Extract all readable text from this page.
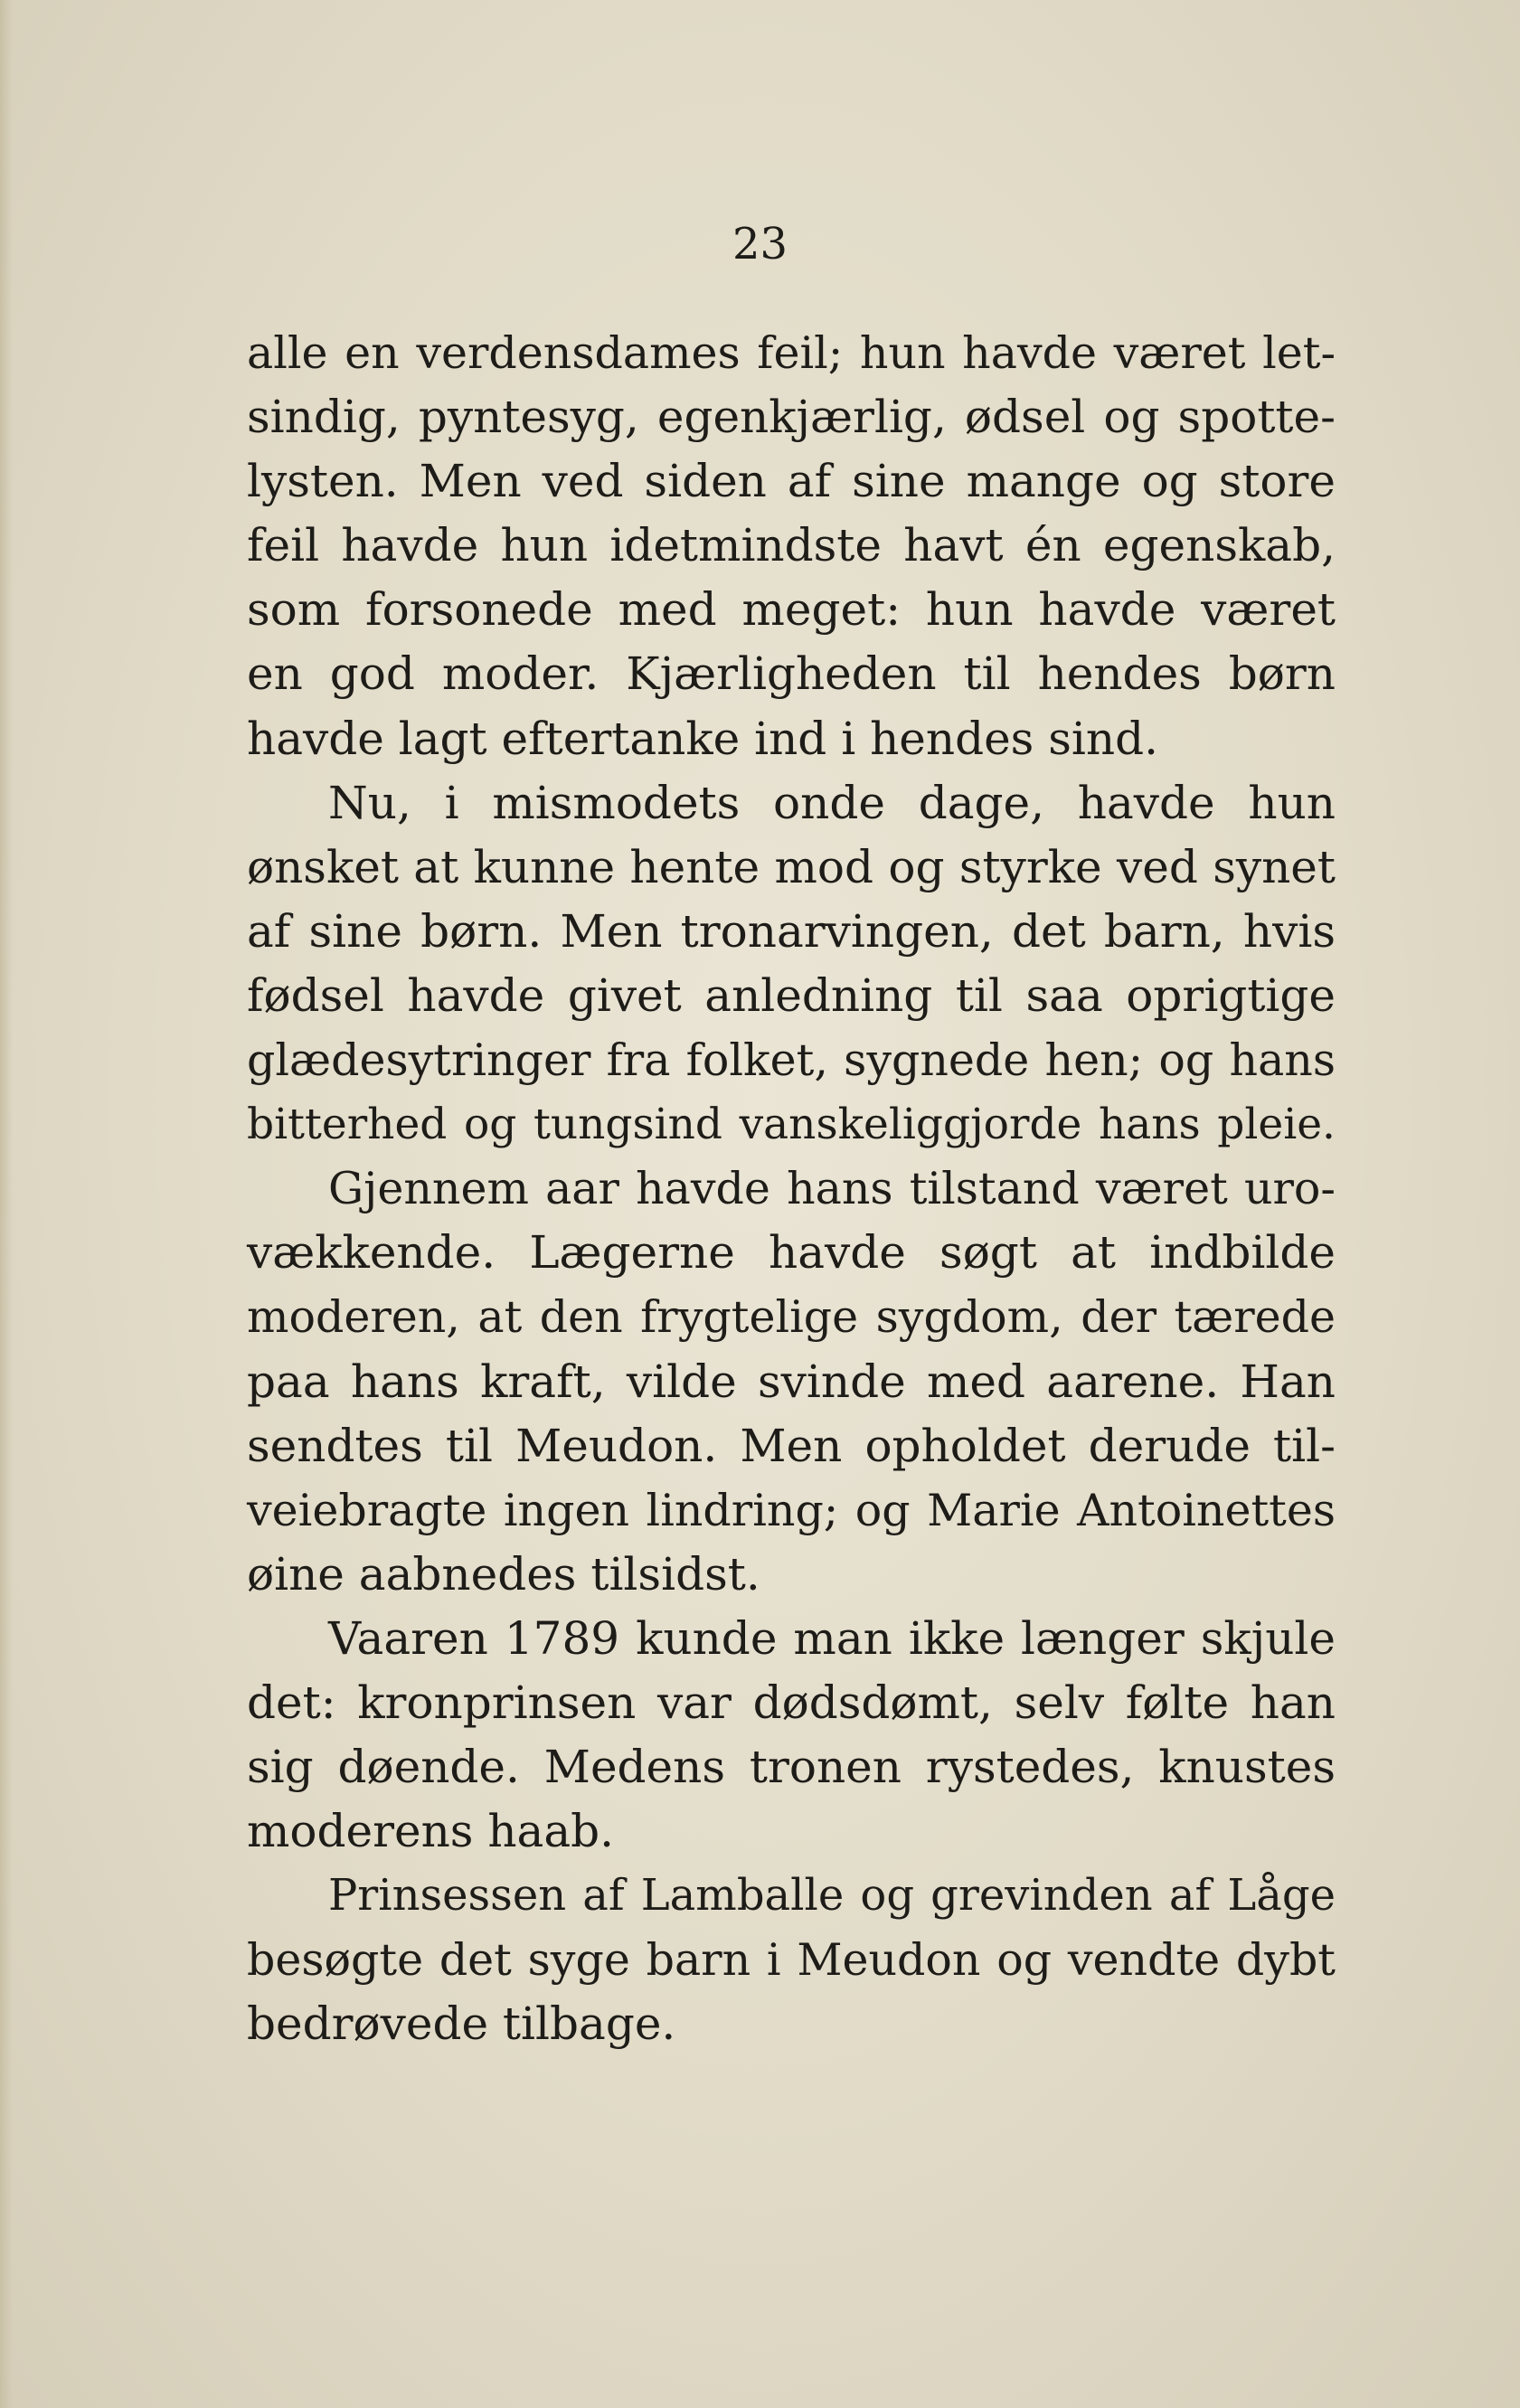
23
alle en verdensdames feil; hun havde været let-
sindig, pyntesyg, egenkjærlig, ødsel og spotte-
lysten. Men ved siden af sine mange og store
feil havde hun idetmindste havt én egenskab,
som forsonede med meget: hun havde været
en god moder. Kjærligheden til hendes børn
havde lagt eftertanke ind i hendes sind.
Nu, i mismodets onde dage, havde hun
ønsket at kunne hente mod og styrke ved synet
af sine børn. Men tronarvingen, det barn, hvis
fødsel havde givet anledning til saa oprigtige
glædesytringer fra folket, sygnede hen; og hans
bitterhed og tungsind vanskeliggjorde hans pleie.
Gjennem aar havde hans tilstand været uro-
vækkende. Lægerne havde søgt at indbilde
moderen, at den frygtelige sygdom, der tærede
paa hans kraft, vilde svinde med aarene. Han
sendtes til Meudon. Men opholdet derude til-
veiebragte ingen lindring; og Marie Antoinettes
øine aabnedes tilsidst.
Vaaren 1789 kunde man ikke længer skjule
det: kronprinsen var dødsdømt, selv følte han
sig døende. Medens tronen rystedes, knustes
moderens haab.
Prinsessen af Lamballe og grevinden af Låge
besøgte det syge barn i Meudon og vendte dybt
bedrøvede tilbage.
